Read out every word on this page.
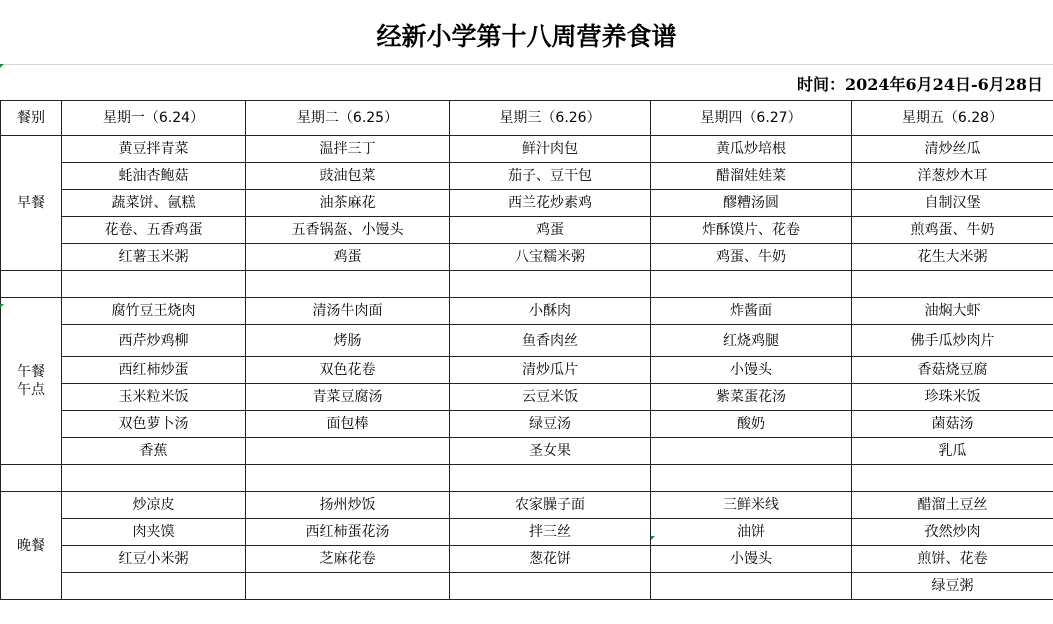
经新小学第十八周营养食谱
时间：2024年6月24日-6月28日
餐别	星期一（6.24）	星期二（6.25）	星期三（6.26）	星期四（6.27）	星期五（6.28）
早餐	黄豆拌青菜	温拌三丁	鲜汁肉包	黄瓜炒培根	清炒丝瓜
	蚝油杏鲍菇	豉油包菜	茄子、豆干包	醋溜娃娃菜	洋葱炒木耳
	蔬菜饼、氤糕	油茶麻花	西兰花炒素鸡	醪糟汤圆	自制汉堡
	花卷、五香鸡蛋	五香锅盔、小馒头	鸡蛋	炸酥馍片、花卷	煎鸡蛋、牛奶
	红薯玉米粥	鸡蛋	八宝糯米粥	鸡蛋、牛奶	花生大米粥

午餐
午点	腐竹豆王烧肉	清汤牛肉面	小酥肉	炸酱面	油焖大虾
	西芹炒鸡柳	烤肠	鱼香肉丝	红烧鸡腿	佛手瓜炒肉片
	西红柿炒蛋	双色花卷	清炒瓜片	小馒头	香菇烧豆腐
	玉米粒米饭	青菜豆腐汤	云豆米饭	紫菜蛋花汤	珍珠米饭
	双色萝卜汤	面包棒	绿豆汤	酸奶	菌菇汤
	香蕉		圣女果		乳瓜

晚餐	炒凉皮	扬州炒饭	农家臊子面	三鲜米线	醋溜土豆丝
	肉夹馍	西红柿蛋花汤	拌三丝	油饼	孜然炒肉
	红豆小米粥	芝麻花卷	葱花饼	小馒头	煎饼、花卷
					绿豆粥
